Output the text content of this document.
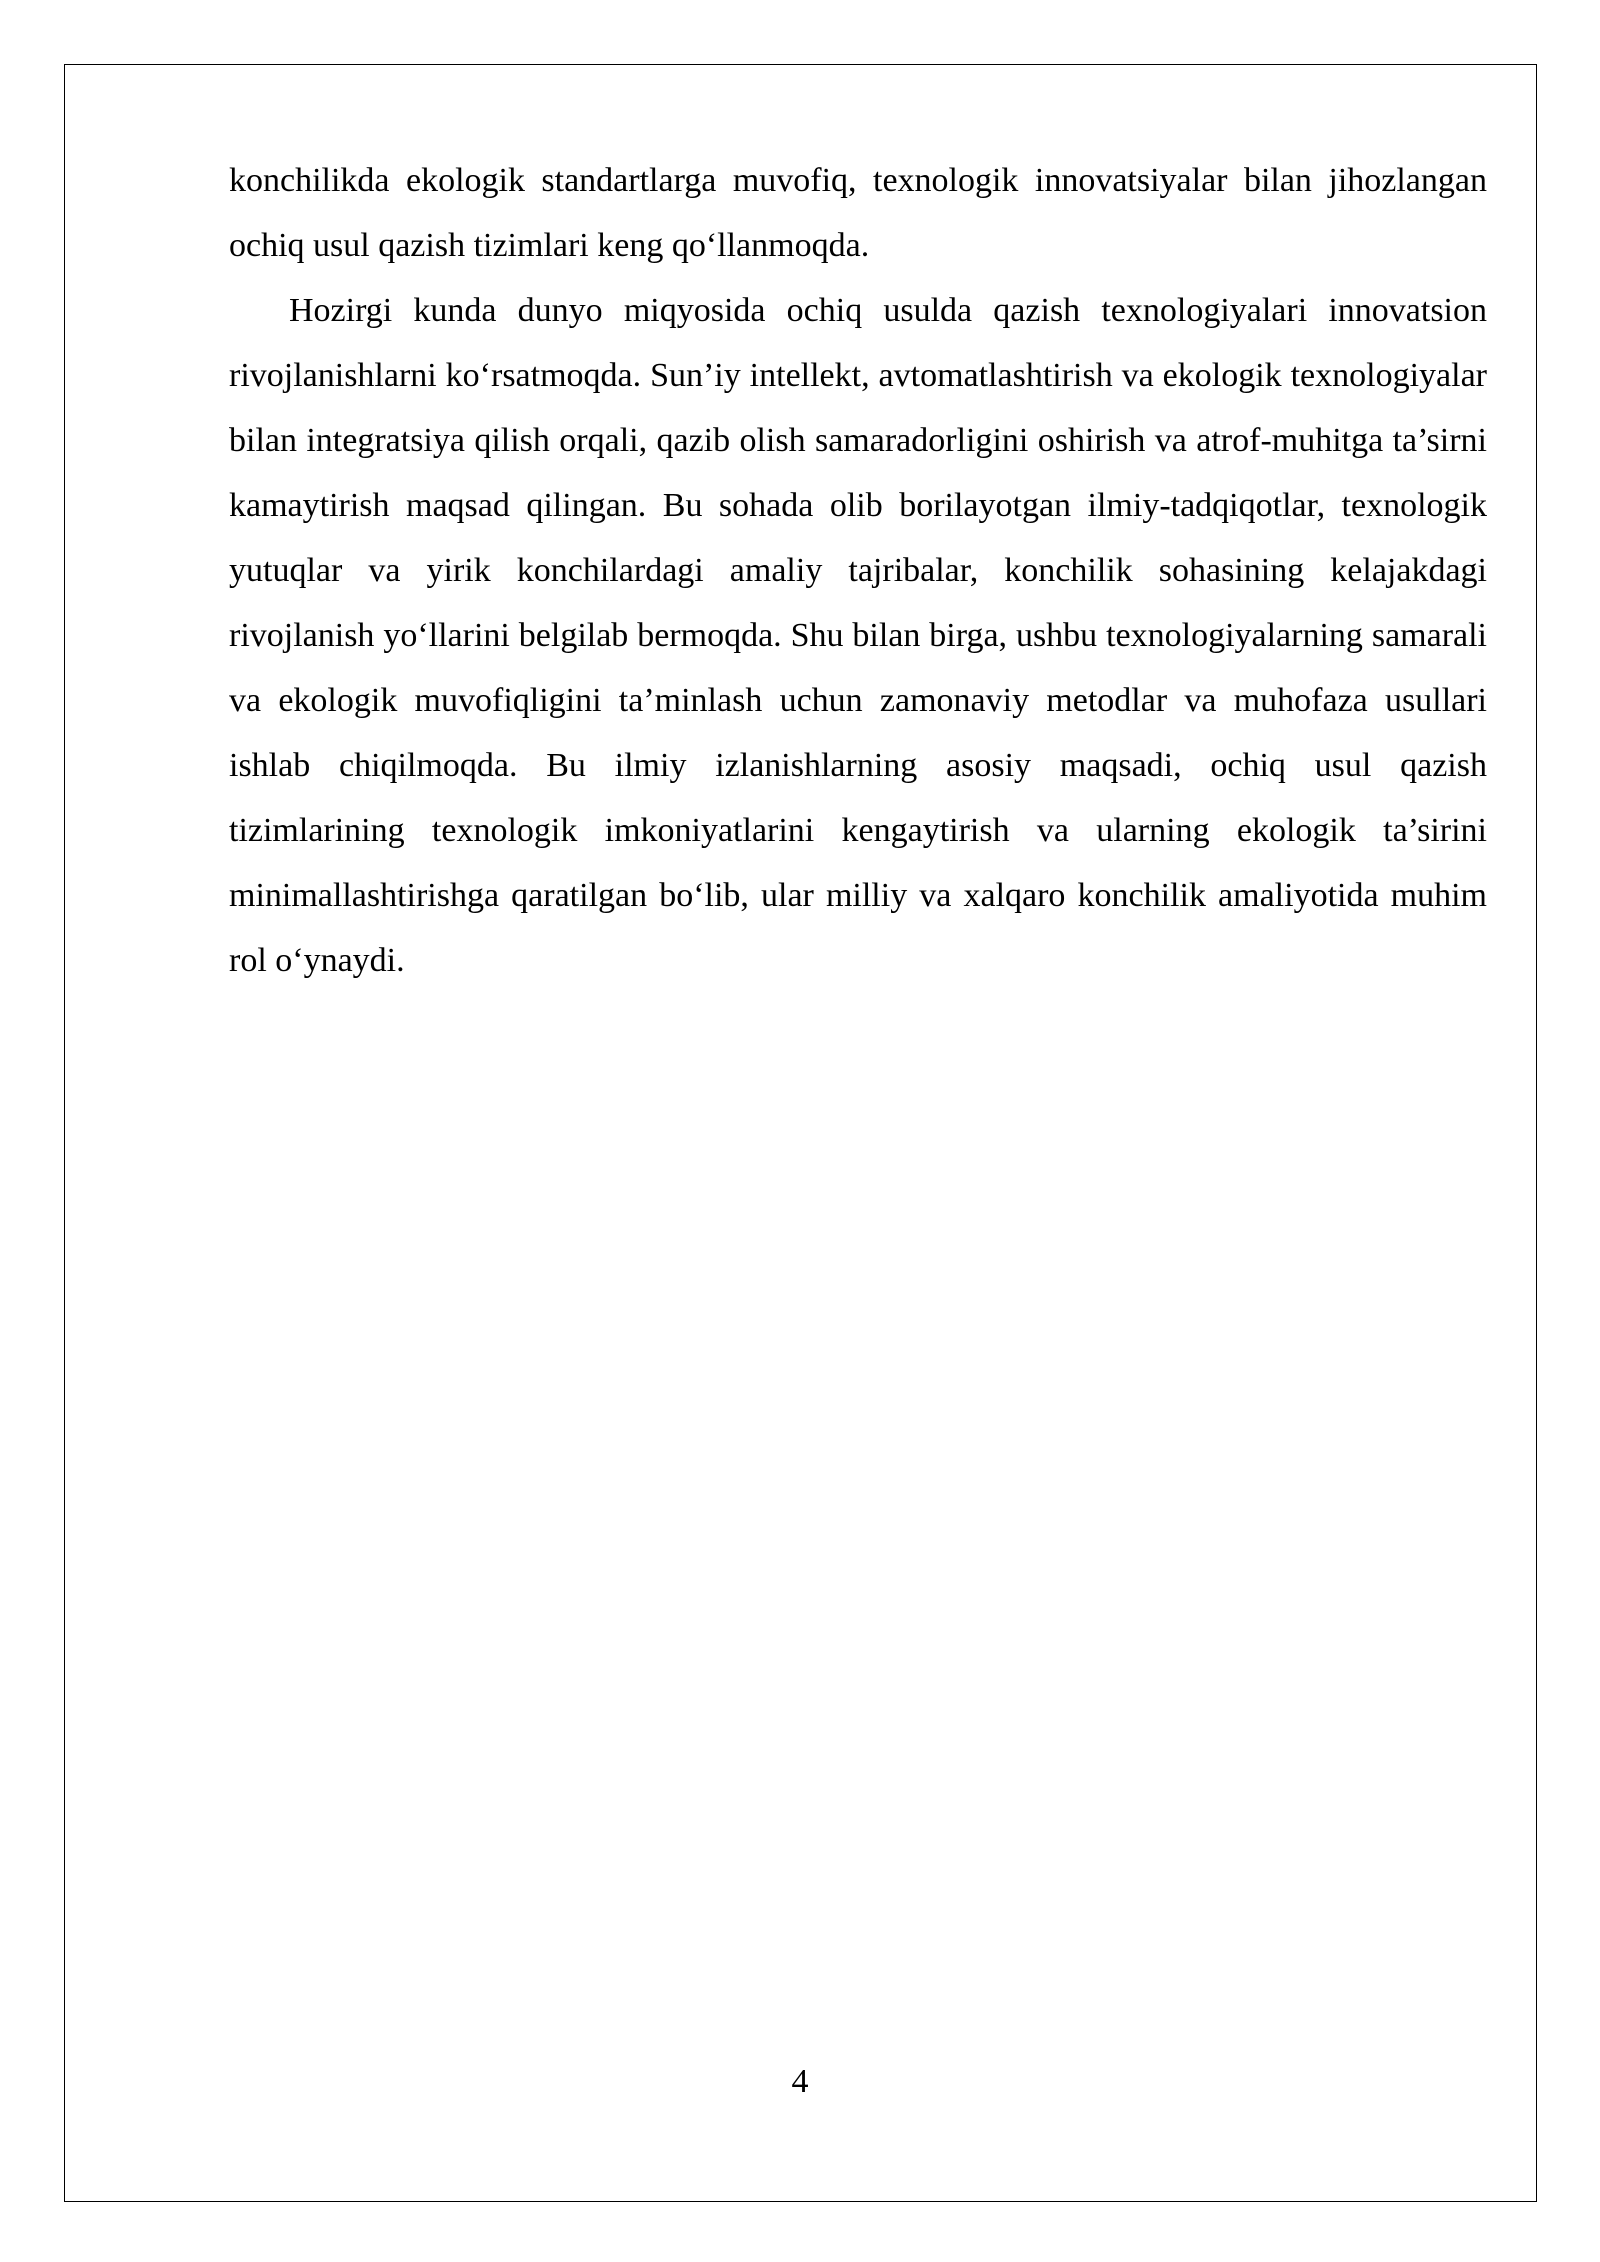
konchilikda ekologik standartlarga muvofiq, texnologik innovatsiyalar bilan jihozlangan ochiq usul qazish tizimlari keng qo‘llanmoqda.

Hozirgi kunda dunyo miqyosida ochiq usulda qazish texnologiyalari innovatsion rivojlanishlarni ko‘rsatmoqda. Sun’iy intellekt, avtomatlashtirish va ekologik texnologiyalar bilan integratsiya qilish orqali, qazib olish samaradorligini oshirish va atrof-muhitga ta’sirni kamaytirish maqsad qilingan. Bu sohada olib borilayotgan ilmiy-tadqiqotlar, texnologik yutuqlar va yirik konchilardagi amaliy tajribalar, konchilik sohasining kelajakdagi rivojlanish yo‘llarini belgilab bermoqda. Shu bilan birga, ushbu texnologiyalarning samarali va ekologik muvofiqligini ta’minlash uchun zamonaviy metodlar va muhofaza usullari ishlab chiqilmoqda. Bu ilmiy izlanishlarning asosiy maqsadi, ochiq usul qazish tizimlarining texnologik imkoniyatlarini kengaytirish va ularning ekologik ta’sirini minimallashtirishga qaratilgan bo‘lib, ular milliy va xalqaro konchilik amaliyotida muhim rol o‘ynaydi.

4
